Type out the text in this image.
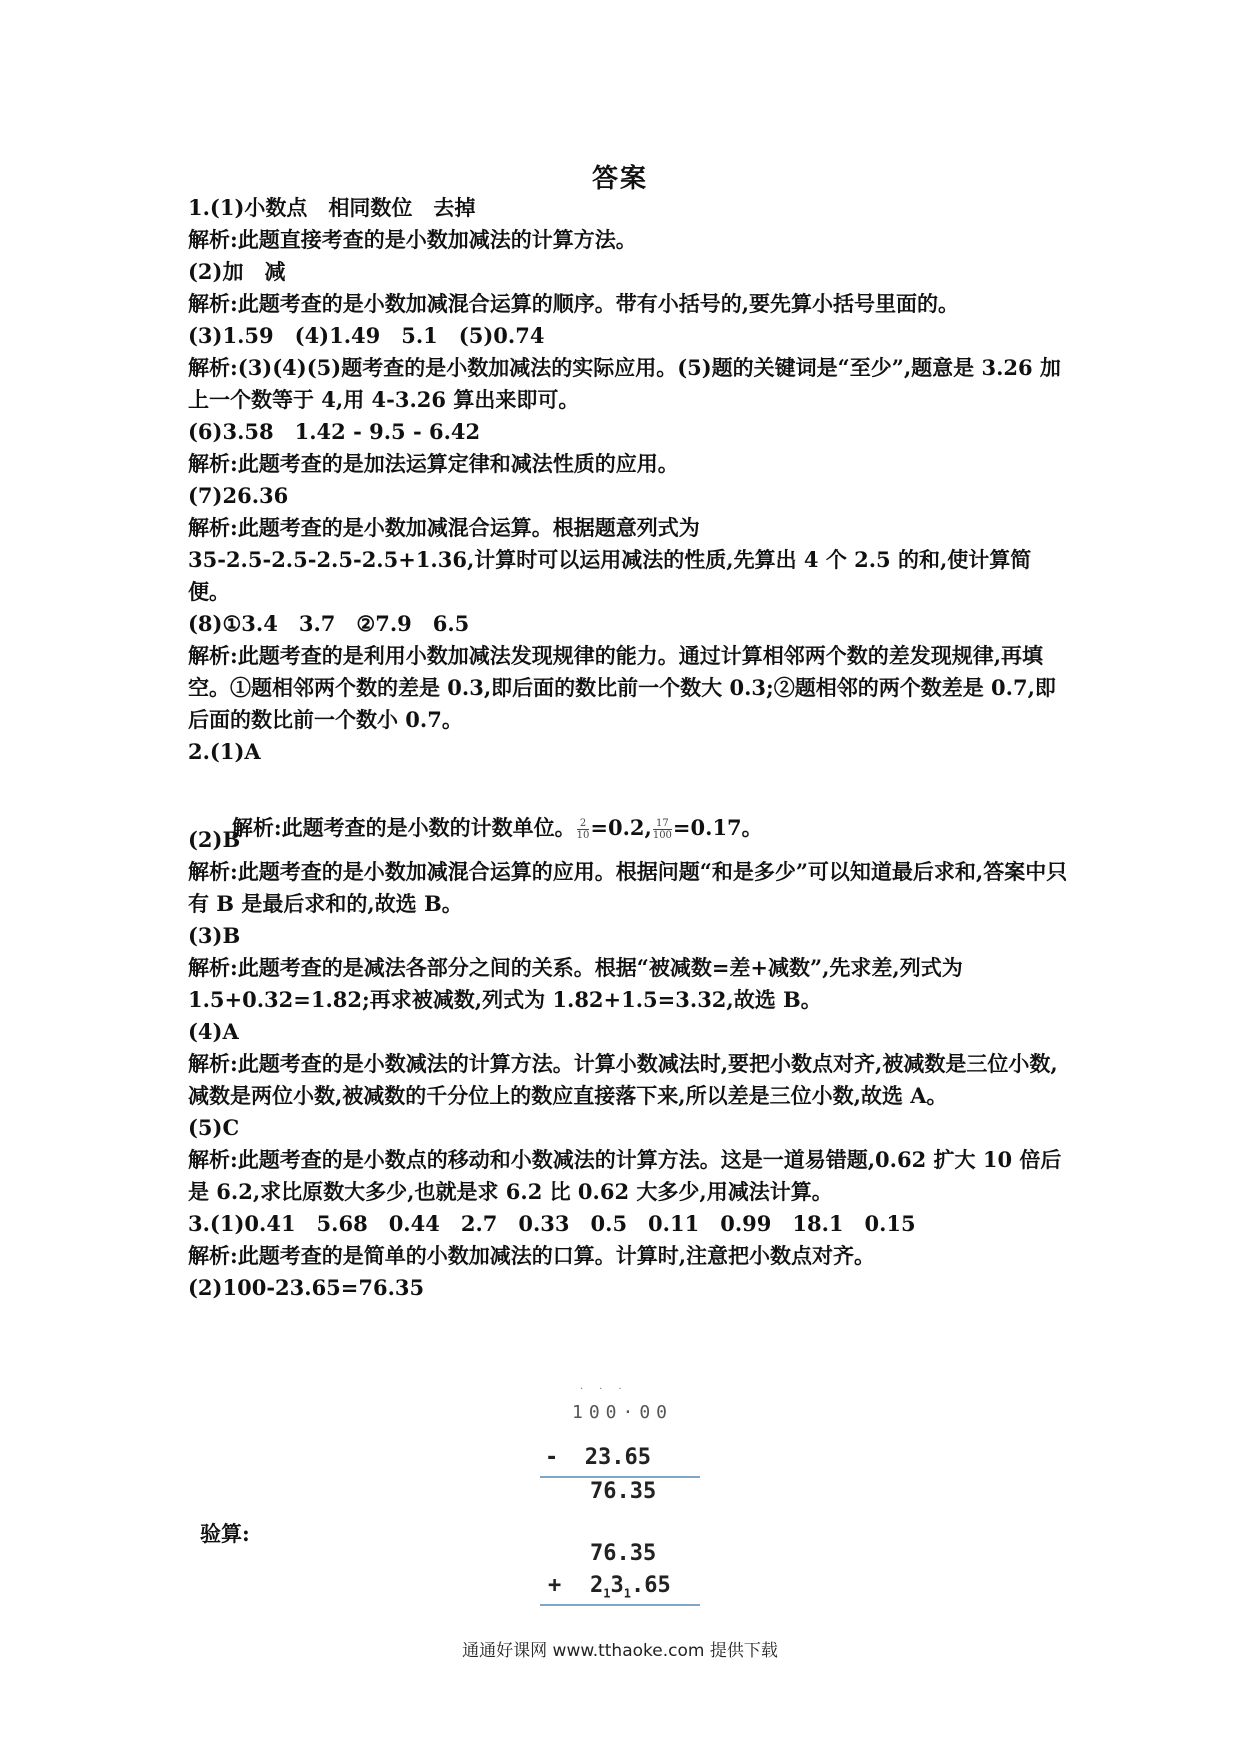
答案
1.(1)小数点　相同数位　去掉
解析:此题直接考查的是小数加减法的计算方法。
(2)加　减
解析:此题考查的是小数加减混合运算的顺序。带有小括号的,要先算小括号里面的。
(3)1.59　(4)1.49　5.1　(5)0.74
解析:(3)(4)(5)题考查的是小数加减法的实际应用。(5)题的关键词是“至少”,题意是 3.26 加上一个数等于 4,用 4-3.26 算出来即可。
(6)3.58　1.42 - 9.5 - 6.42
解析:此题考查的是加法运算定律和减法性质的应用。
(7)26.36
解析:此题考查的是小数加减混合运算。根据题意列式为
35-2.5-2.5-2.5-2.5+1.36,计算时可以运用减法的性质,先算出 4 个 2.5 的和,使计算简便。
(8)①3.4　3.7　②7.9　6.5
解析:此题考查的是利用小数加减法发现规律的能力。通过计算相邻两个数的差发现规律,再填空。①题相邻两个数的差是 0.3,即后面的数比前一个数大 0.3;②题相邻的两个数差是 0.7,即后面的数比前一个数小 0.7。
2.(1)A

解析:此题考查的是小数的计数单位。 $\frac{2}{10} =0.2$, $\frac{17}{100} =0.17$。

(2)B
解析:此题考查的是小数加减混合运算的应用。根据问题“和是多少”可以知道最后求和,答案中只有 B 是最后求和的,故选 B。
(3)B
解析:此题考查的是减法各部分之间的关系。根据“被减数=差+减数”,先求差,列式为 1.5+0.32=1.82;再求被减数,列式为 1.82+1.5=3.32,故选 B。
(4)A
解析:此题考查的是小数减法的计算方法。计算小数减法时,要把小数点对齐,被减数是三位小数,减数是两位小数,被减数的千分位上的数应直接落下来,所以差是三位小数,故选 A。
(5)C
解析:此题考查的是小数点的移动和小数减法的计算方法。这是一道易错题,0.62 扩大 10 倍后是 6.2,求比原数大多少,也就是求 6.2 比 0.62 大多少,用减法计算。
3.(1)0.41　5.68　0.44　2.7　0.33　0.5　0.11　0.99　18.1　0.15
解析:此题考查的是简单的小数加减法的口算。计算时,注意把小数点对齐。
(2)100-23.65=76.35
···
100·00
-  23.65
76.35
验算:
76.35
+ $2_13_1.65$
通通好课网 www.tthaoke.com 提供下载
